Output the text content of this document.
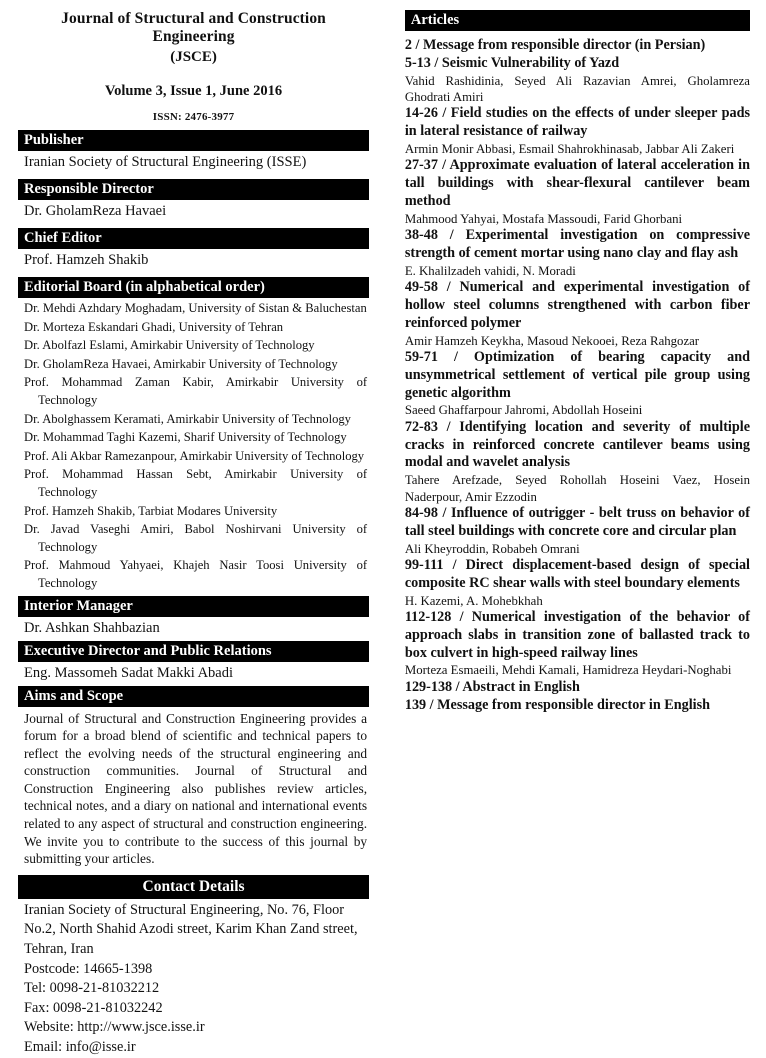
Journal of Structural and Construction
Engineering
(JSCE)
Volume 3, Issue 1, June 2016
ISSN: 2476-3977
Publisher
Iranian Society of Structural Engineering (ISSE)
Responsible Director
Dr. GholamReza Havaei
Chief Editor
Prof. Hamzeh Shakib
Editorial Board (in alphabetical order)
Dr. Mehdi Azhdary Moghadam, University of Sistan & Baluchestan
Dr. Morteza Eskandari Ghadi, University of Tehran
Dr. Abolfazl Eslami, Amirkabir University of Technology
Dr. GholamReza Havaei, Amirkabir University of Technology
Prof. Mohammad Zaman Kabir, Amirkabir University of Technology
Dr. Abolghassem Keramati, Amirkabir University of Technology
Dr. Mohammad Taghi Kazemi, Sharif University of Technology
Prof. Ali Akbar Ramezanpour, Amirkabir University of Technology
Prof. Mohammad Hassan Sebt, Amirkabir University of Technology
Prof. Hamzeh Shakib, Tarbiat Modares University
Dr. Javad Vaseghi Amiri, Babol Noshirvani University of Technology
Prof. Mahmoud Yahyaei, Khajeh Nasir Toosi University of Technology
Interior Manager
Dr. Ashkan Shahbazian
Executive Director and Public Relations
Eng. Massomeh Sadat Makki Abadi
Aims and Scope
Journal of Structural and Construction Engineering provides a forum for a broad blend of scientific and technical papers to reflect the evolving needs of the structural engineering and construction communities. Journal of Structural and Construction Engineering also publishes review articles, technical notes, and a diary on national and international events related to any aspect of structural and construction engineering. We invite you to contribute to the success of this journal by submitting your articles.
Contact Details
Iranian Society of Structural Engineering, No. 76, Floor No.2, North Shahid Azodi street, Karim Khan Zand street, Tehran, Iran
Postcode: 14665-1398
Tel: 0098-21-81032212
Fax: 0098-21-81032242
Website: http://www.jsce.isse.ir
Email: info@isse.ir
Articles
2 / Message from responsible director (in Persian)
5-13 / Seismic Vulnerability of Yazd
Vahid Rashidinia, Seyed Ali Razavian Amrei, Gholamreza Ghodrati Amiri
14-26 / Field studies on the effects of under sleeper pads in lateral resistance of railway
Armin Monir Abbasi, Esmail Shahrokhinasab, Jabbar Ali Zakeri
27-37 / Approximate evaluation of lateral acceleration in tall buildings with shear-flexural cantilever beam method
Mahmood Yahyai, Mostafa Massoudi, Farid Ghorbani
38-48 / Experimental investigation on compressive strength of cement mortar using nano clay and flay ash
E. Khalilzadeh vahidi, N. Moradi
49-58 / Numerical and experimental investigation of hollow steel columns strengthened with carbon fiber reinforced polymer
Amir Hamzeh Keykha, Masoud Nekooei, Reza Rahgozar
59-71 / Optimization of bearing capacity and unsymmetrical settlement of vertical pile group using genetic algorithm
Saeed Ghaffarpour Jahromi, Abdollah Hoseini
72-83 / Identifying location and severity of multiple cracks in reinforced concrete cantilever beams using modal and wavelet analysis
Tahere Arefzade, Seyed Rohollah Hoseini Vaez, Hosein Naderpour, Amir Ezzodin
84-98 / Influence of outrigger - belt truss on behavior of tall steel buildings with concrete core and circular plan
Ali Kheyroddin, Robabeh Omrani
99-111 / Direct displacement-based design of special composite RC shear walls with steel boundary elements
H. Kazemi, A. Mohebkhah
112-128 / Numerical investigation of the behavior of approach slabs in transition zone of ballasted track to box culvert in high-speed railway lines
Morteza Esmaeili, Mehdi Kamali, Hamidreza Heydari-Noghabi
129-138 / Abstract in English
139 / Message from responsible director in English
